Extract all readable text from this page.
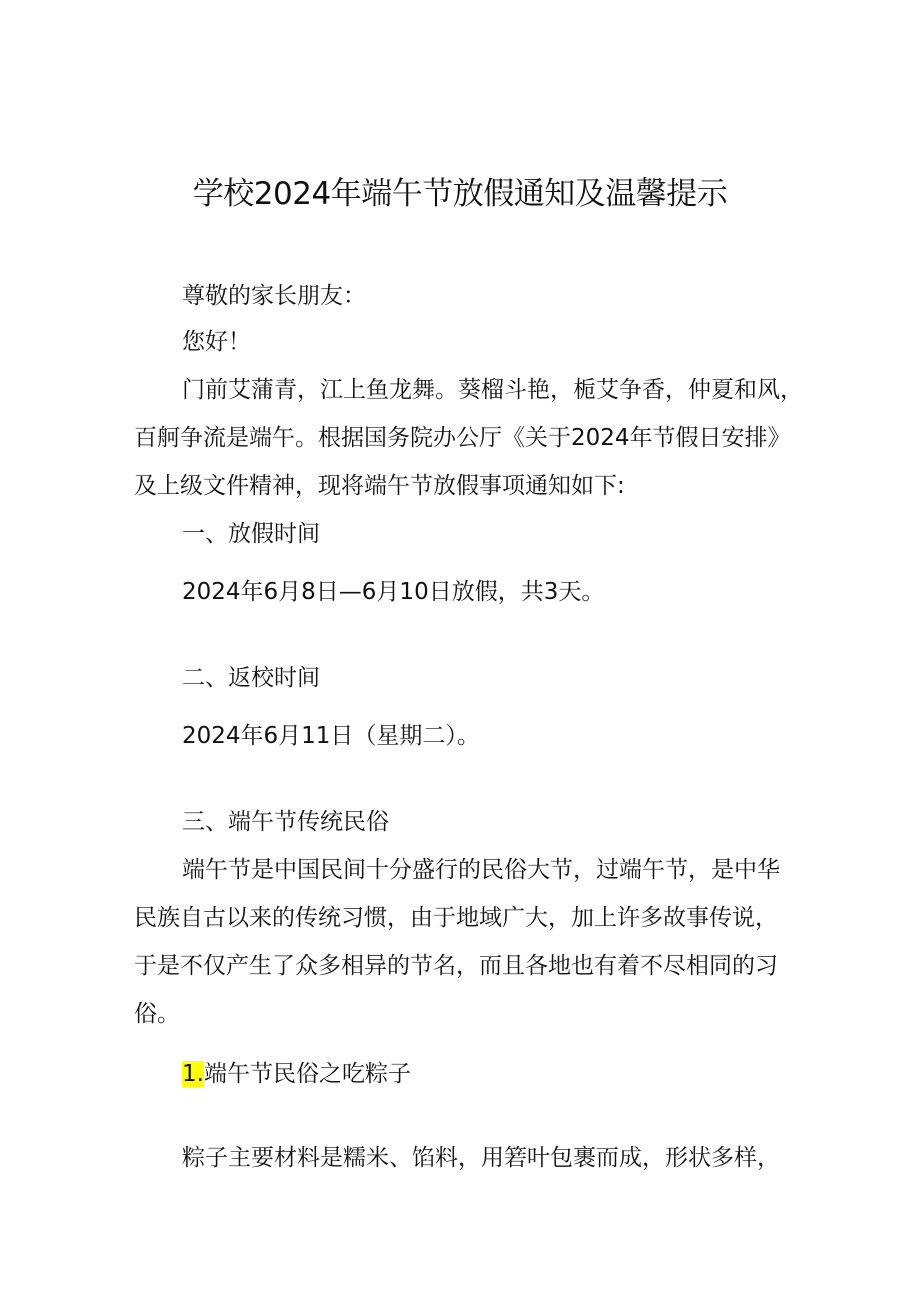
学校2024年端午节放假通知及温馨提示
尊敬的家长朋友：
您好！
门前艾蒲青，江上鱼龙舞。葵榴斗艳，栀艾争香，仲夏和风，
百舸争流是端午。根据国务院办公厅《关于2024年节假日安排》
及上级文件精神，现将端午节放假事项通知如下:
一、放假时间
2024年6月8日—6月10日放假，共3天。
二、返校时间
2024年6月11日（星期二）。
三、端午节传统民俗
端午节是中国民间十分盛行的民俗大节，过端午节，是中华
民族自古以来的传统习惯，由于地域广大，加上许多故事传说，
于是不仅产生了众多相异的节名，而且各地也有着不尽相同的习
俗。
1.端午节民俗之吃粽子
粽子主要材料是糯米、馅料，用箬叶包裹而成，形状多样，
